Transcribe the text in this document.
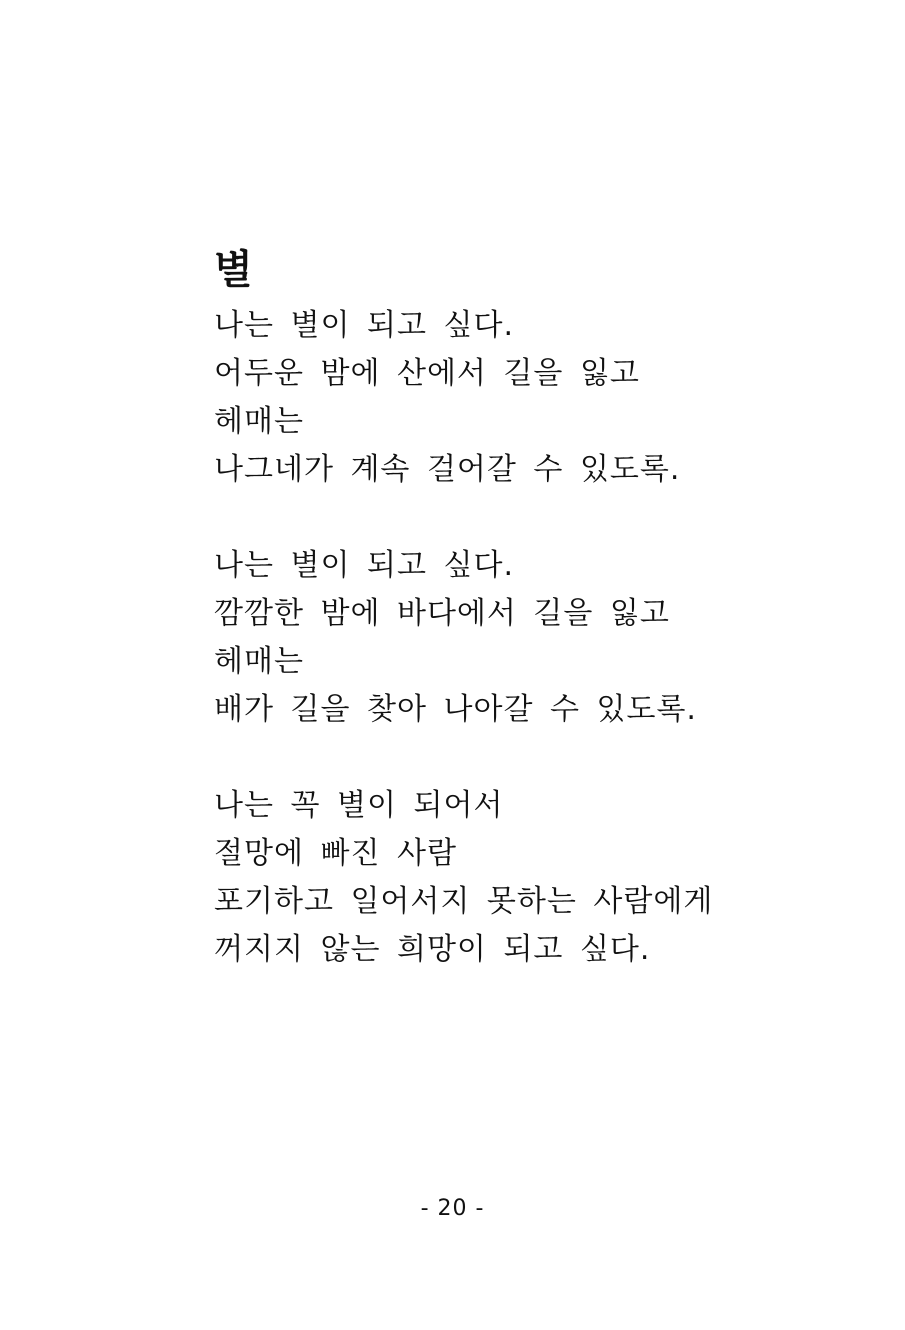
별
나는 별이 되고 싶다.
어두운 밤에 산에서 길을 잃고
헤매는
나그네가 계속 걸어갈 수 있도록.
나는 별이 되고 싶다.
깜깜한 밤에 바다에서 길을 잃고
헤매는
배가 길을 찾아 나아갈 수 있도록.
나는 꼭 별이 되어서
절망에 빠진 사람
포기하고 일어서지 못하는 사람에게
꺼지지 않는 희망이 되고 싶다.
- 20 -
